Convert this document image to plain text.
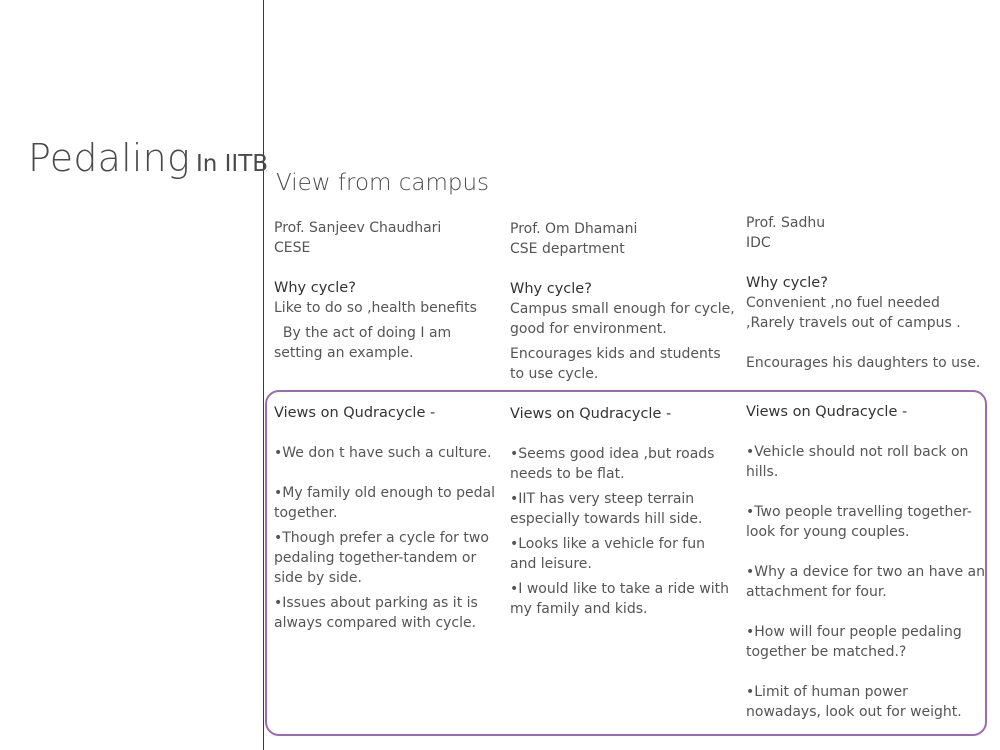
Pedaling In IITB
View from campus

Prof. Sanjeev Chaudhari

CESE

Why cycle?

Like to do so ,health benefits

By the act of doing I am setting an example.

Views on Qudracycle -

•We don t have such a culture.

•My family old enough to pedal together.

•Though prefer a cycle for two pedaling together-tandem or side by side.

•Issues about parking as it is always compared with cycle.

Prof. Om Dhamani

CSE department

Why cycle?

Campus small enough for cycle, good for environment.

Encourages kids and students to use cycle.

Views on Qudracycle -

•Seems good idea ,but roads needs to be flat.

•IIT has very steep terrain especially towards hill side.

•Looks like a vehicle for fun and leisure.

•I would like to take a ride with my family and kids.

Prof. Sadhu

IDC

Why cycle?

Convenient ,no fuel needed ,Rarely travels out of campus .

Encourages his daughters to use.

Views on Qudracycle -

•Vehicle should not roll back on hills.

•Two people travelling together-look for young couples.

•Why a device for two an have an attachment for four.

•How will four people pedaling together be matched.?

•Limit of human power nowadays, look out for weight.
